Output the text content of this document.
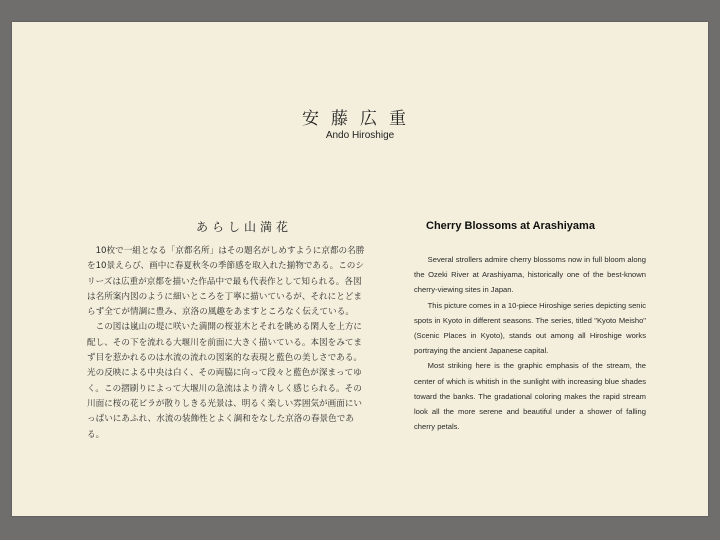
安藤広重
Ando Hiroshige
あらし山満花

10枚で一組となる「京都名所」はその題名がしめすように京都の名勝を10景えらび、画中に春夏秋冬の季節感を取入れた揃物である。このシリーズは広重が京都を描いた作品中で最も代表作として知られる。各図は名所案内図のように細いところを丁寧に描いているが、それにとどまらず全てが情調に豊み、京洛の風趣をあますところなく伝えている。

この図は嵐山の堤に咲いた満開の桜並木とそれを眺める閑人を上方に配し、その下を流れる大堰川を前面に大きく描いている。本図をみてまず目を惹かれるのは水流の流れの図案的な表現と藍色の美しさである。光の反映による中央は白く、その両脇に向って段々と藍色が深まってゆく。この摺刷りによって大堰川の急流はより清々しく感じられる。その川面に桜の花ビラが散りしきる光景は、明るく楽しい雰囲気が画面にいっぱいにあふれ、水流の装飾性とよく調和をなした京洛の春景色である。

Cherry Blossoms at Arashiyama

Several strollers admire cherry blossoms now in full bloom along the Ozeki River at Arashiyama, historically one of the best-known cherry-viewing sites in Japan.

This picture comes in a 10-piece Hiroshige series depicting senic spots in Kyoto in different seasons. The series, titled "Kyoto Meisho" (Scenic Places in Kyoto), stands out among all Hiroshige works portraying the ancient Japanese capital.

Most striking here is the graphic emphasis of the stream, the center of which is whitish in the sunlight with increasing blue shades toward the banks. The gradational coloring makes the rapid stream look all the more serene and beautiful under a shower of falling cherry petals.
